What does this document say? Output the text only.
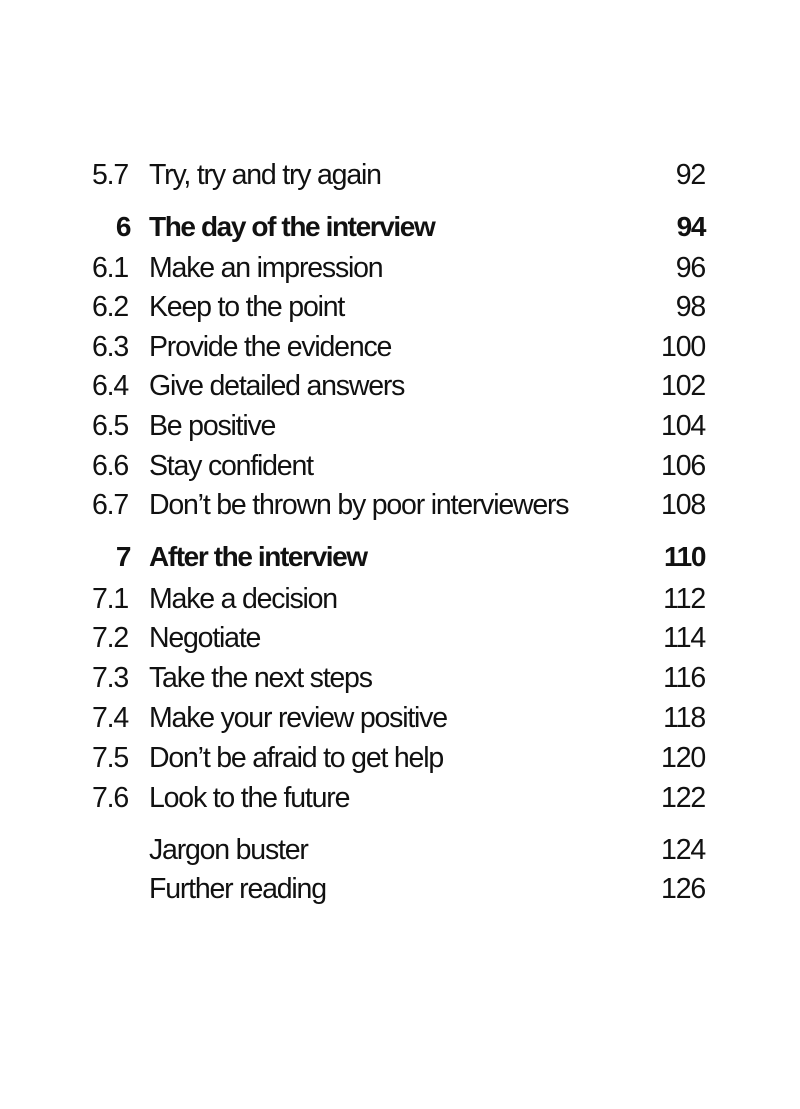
5.7 Try, try and try again	92
6 The day of the interview	94
6.1 Make an impression	96
6.2 Keep to the point	98
6.3 Provide the evidence	100
6.4 Give detailed answers	102
6.5 Be positive	104
6.6 Stay confident	106
6.7 Don’t be thrown by poor interviewers	108
7 After the interview	110
7.1 Make a decision	112
7.2 Negotiate	114
7.3 Take the next steps	116
7.4 Make your review positive	118
7.5 Don’t be afraid to get help	120
7.6 Look to the future	122
Jargon buster	124
Further reading	126
